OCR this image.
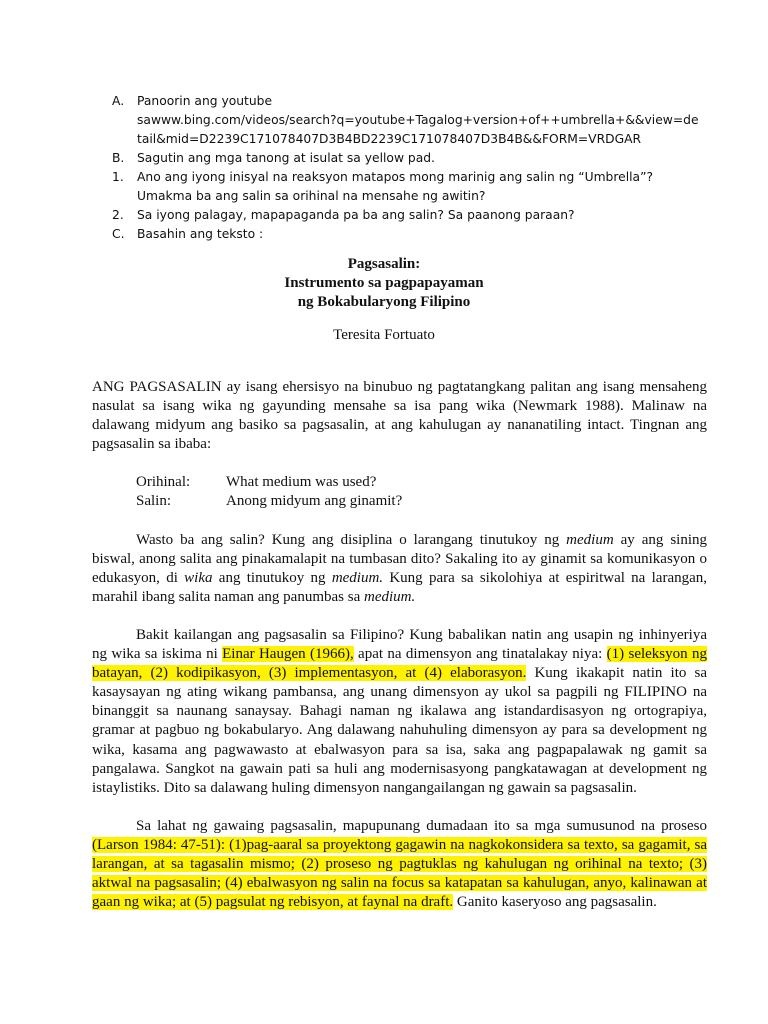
A.	Panoorin ang youtube
sawww.bing.com/videos/search?q=youtube+Tagalog+version+of++umbrella+&&view=detail&mid=D2239C171078407D3B4BD2239C171078407D3B4B&&FORM=VRDGAR
B.	Sagutin ang mga tanong at isulat sa yellow pad.
1.	Ano ang iyong inisyal na reaksyon matapos mong marinig ang salin ng “Umbrella”?
Umakma ba ang salin sa orihinal na mensahe ng awitin?
2.	Sa iyong palagay, mapapaganda pa ba ang salin? Sa paanong paraan?
C.	Basahin ang teksto :
Pagsasalin:
Instrumento sa pagpapayaman
ng Bokabularyong Filipino
Teresita Fortuato

ANG PAGSASALIN ay isang ehersisyo na binubuo ng pagtatangkang palitan ang isang mensaheng nasulat sa isang wika ng gayunding mensahe sa isa pang wika (Newmark 1988). Malinaw na dalawang midyum ang basiko sa pagsasalin, at ang kahulugan ay nananatiling intact. Tingnan ang pagsasalin sa ibaba:

Orihinal:	What medium was used?
Salin:	Anong midyum ang ginamit?

Wasto ba ang salin? Kung ang disiplina o larangang tinutukoy ng medium ay ang sining biswal, anong salita ang pinakamalapit na tumbasan dito? Sakaling ito ay ginamit sa komunikasyon o edukasyon, di wika ang tinutukoy ng medium. Kung para sa sikolohiya at espiritwal na larangan, marahil ibang salita naman ang panumbas sa medium.

Bakit kailangan ang pagsasalin sa Filipino? Kung babalikan natin ang usapin ng inhinyeriya ng wika sa iskima ni Einar Haugen (1966), apat na dimensyon ang tinatalakay niya: (1) seleksyon ng batayan, (2) kodipikasyon, (3) implementasyon, at (4) elaborasyon. Kung ikakapit natin ito sa kasaysayan ng ating wikang pambansa, ang unang dimensyon ay ukol sa pagpili ng FILIPINO na binanggit sa naunang sanaysay. Bahagi naman ng ikalawa ang istandardisasyon ng ortograpiya, gramar at pagbuo ng bokabularyo. Ang dalawang nahuhuling dimensyon ay para sa development ng wika, kasama ang pagwawasto at ebalwasyon para sa isa, saka ang pagpapalawak ng gamit sa pangalawa. Sangkot na gawain pati sa huli ang modernisasyong pangkatawagan at development ng istaylistiks. Dito sa dalawang huling dimensyon nangangailangan ng gawain sa pagsasalin.

Sa lahat ng gawaing pagsasalin, mapupunang dumadaan ito sa mga sumusunod na proseso (Larson 1984: 47-51): (1)pag-aaral sa proyektong gagawin na nagkokonsidera sa texto, sa gagamit, sa larangan, at sa tagasalin mismo; (2) proseso ng pagtuklas ng kahulugan ng orihinal na texto; (3) aktwal na pagsasalin; (4) ebalwasyon ng salin na focus sa katapatan sa kahulugan, anyo, kalinawan at gaan ng wika; at (5) pagsulat ng rebisyon, at faynal na draft. Ganito kaseryoso ang pagsasalin.
